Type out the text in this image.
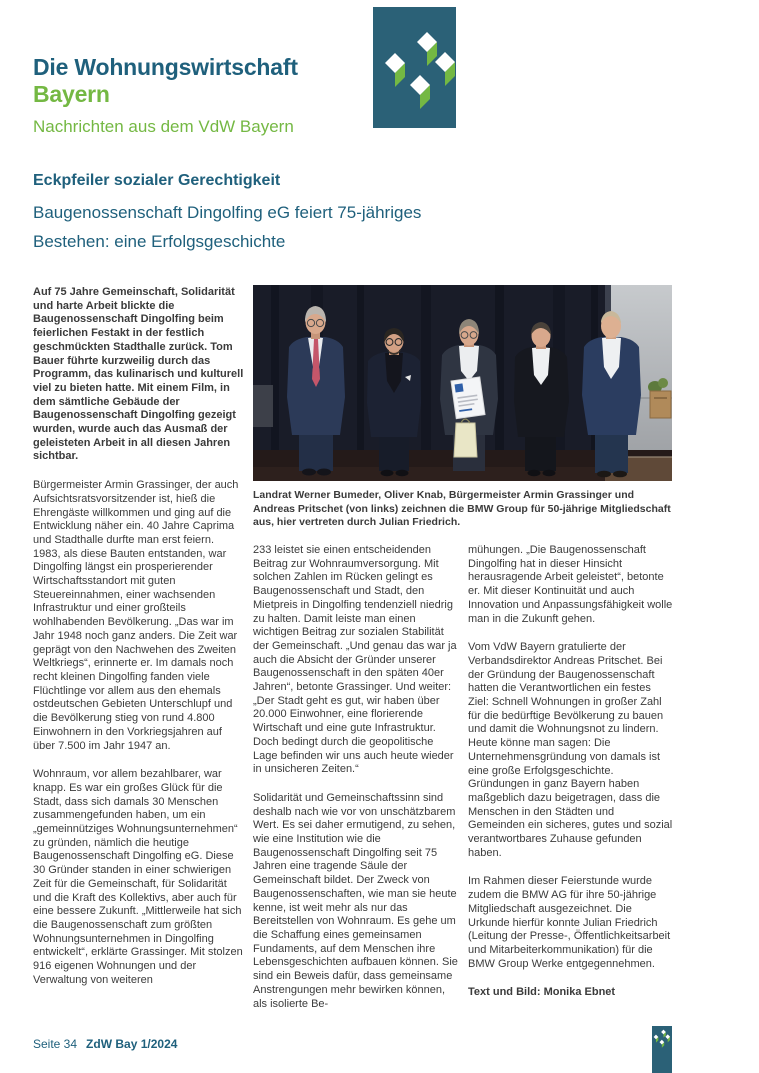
Die Wohnungswirtschaft
Bayern
Nachrichten aus dem VdW Bayern
Eckpfeiler sozialer Gerechtigkeit
Baugenossenschaft Dingolfing eG feiert 75-jähriges
Bestehen: eine Erfolgsgeschichte
Landrat Werner Bumeder, Oliver Knab, Bürgermeister Armin Grassinger und Andreas Pritschet (von links) zeichnen die BMW Group für 50-jährige Mitgliedschaft aus, hier vertreten durch Julian Friedrich.

Auf 75 Jahre Gemeinschaft, Solidarität und harte Arbeit blickte die Baugenossenschaft Dingolfing beim feierlichen Festakt in der festlich geschmückten Stadthalle zurück. Tom Bauer führte kurzweilig durch das Programm, das kulinarisch und kulturell viel zu bieten hatte. Mit einem Film, in dem sämtliche Gebäude der Baugenossenschaft Dingolfing gezeigt wurden, wurde auch das Ausmaß der geleisteten Arbeit in all diesen Jahren sichtbar.

Bürgermeister Armin Grassinger, der auch Aufsichtsratsvorsitzender ist, hieß die Ehrengäste willkommen und ging auf die Entwicklung näher ein. 40 Jahre Caprima und Stadthalle durfte man erst feiern. 1983, als diese Bauten entstanden, war Dingolfing längst ein prosperierender Wirtschaftsstandort mit guten Steuereinnahmen, einer wachsenden Infrastruktur und einer großteils wohlhabenden Bevölkerung. „Das war im Jahr 1948 noch ganz anders. Die Zeit war geprägt von den Nachwehen des Zweiten Weltkriegs“, erinnerte er. Im damals noch recht kleinen Dingolfing fanden viele Flüchtlinge vor allem aus den ehemals ostdeutschen Gebieten Unterschlupf und die Bevölkerung stieg von rund 4.800 Einwohnern in den Vorkriegsjahren auf über 7.500 im Jahr 1947 an.

Wohnraum, vor allem bezahlbarer, war knapp. Es war ein großes Glück für die Stadt, dass sich damals 30 Menschen zusammengefunden haben, um ein „gemeinnütziges Wohnungsunternehmen“ zu gründen, nämlich die heutige Baugenossenschaft Dingolfing eG. Diese 30 Gründer standen in einer schwierigen Zeit für die Gemeinschaft, für Solidarität und die Kraft des Kollektivs, aber auch für eine bessere Zukunft. „Mittlerweile hat sich die Baugenossenschaft zum größten Wohnungsunternehmen in Dingolfing entwickelt“, erklärte Grassinger. Mit stolzen 916 eigenen Wohnungen und der Verwaltung von weiteren

233 leistet sie einen entscheidenden Beitrag zur Wohnraumversorgung. Mit solchen Zahlen im Rücken gelingt es Baugenossenschaft und Stadt, den Mietpreis in Dingolfing tendenziell niedrig zu halten. Damit leiste man einen wichtigen Beitrag zur sozialen Stabilität der Gemeinschaft. „Und genau das war ja auch die Absicht der Gründer unserer Baugenossenschaft in den späten 40er Jahren“, betonte Grassinger. Und weiter: „Der Stadt geht es gut, wir haben über 20.000 Einwohner, eine florierende Wirtschaft und eine gute Infrastruktur. Doch bedingt durch die geopolitische Lage befinden wir uns auch heute wieder in unsicheren Zeiten.“

Solidarität und Gemeinschaftssinn sind deshalb nach wie vor von unschätzbarem Wert. Es sei daher ermutigend, zu sehen, wie eine Institution wie die Baugenossenschaft Dingolfing seit 75 Jahren eine tragende Säule der Gemeinschaft bildet. Der Zweck von Baugenossenschaften, wie man sie heute kenne, ist weit mehr als nur das Bereitstellen von Wohnraum. Es gehe um die Schaffung eines gemeinsamen Fundaments, auf dem Menschen ihre Lebensgeschichten aufbauen können. Sie sind ein Beweis dafür, dass gemeinsame Anstrengungen mehr bewirken können, als isolierte Be-

mühungen. „Die Baugenossenschaft Dingolfing hat in dieser Hinsicht herausragende Arbeit geleistet“, betonte er. Mit dieser Kontinuität und auch Innovation und Anpassungsfähigkeit wolle man in die Zukunft gehen.

Vom VdW Bayern gratulierte der Verbandsdirektor Andreas Pritschet. Bei der Gründung der Baugenossenschaft hatten die Verantwortlichen ein festes Ziel: Schnell Wohnungen in großer Zahl für die bedürftige Bevölkerung zu bauen und damit die Wohnungsnot zu lindern. Heute könne man sagen: Die Unternehmensgründung von damals ist eine große Erfolgsgeschichte. Gründungen in ganz Bayern haben maßgeblich dazu beigetragen, dass die Menschen in den Städten und Gemeinden ein sicheres, gutes und sozial verantwortbares Zuhause gefunden haben.

Im Rahmen dieser Feierstunde wurde zudem die BMW AG für ihre 50-jährige Mitgliedschaft ausgezeichnet. Die Urkunde hierfür konnte Julian Friedrich (Leitung der Presse-, Öffentlichkeitsarbeit und Mitarbeiterkommunikation) für die BMW Group Werke entgegennehmen.

Text und Bild: Monika Ebnet

Seite 34 ZdW Bay 1/2024
